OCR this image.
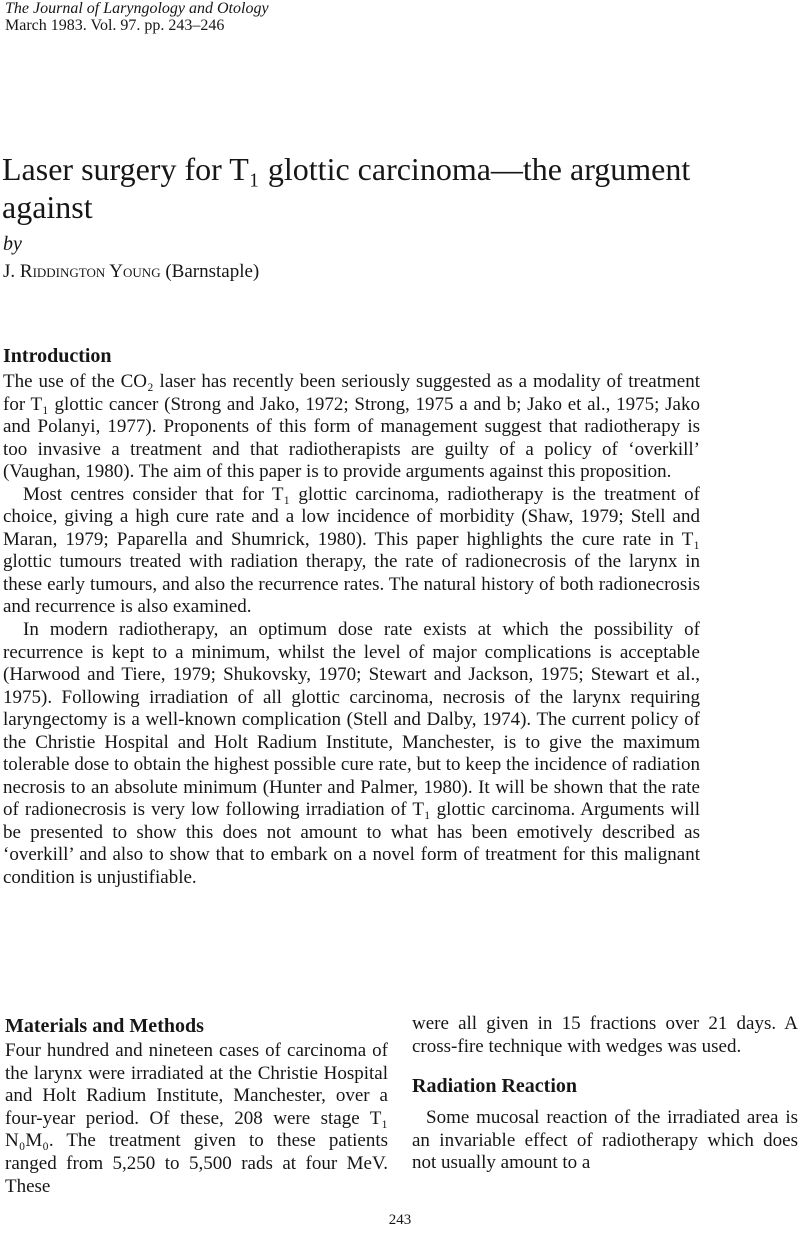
The Journal of Laryngology and Otology
March 1983. Vol. 97. pp. 243–246
Laser surgery for T₁ glottic carcinoma—the argument against
by
J. Riddington Young (Barnstaple)
Introduction

The use of the CO₂ laser has recently been seriously suggested as a modality of treatment for T₁ glottic cancer (Strong and Jako, 1972; Strong, 1975 a and b; Jako et al., 1975; Jako and Polanyi, 1977). Proponents of this form of management suggest that radiotherapy is too invasive a treatment and that radiotherapists are guilty of a policy of ‘overkill’ (Vaughan, 1980). The aim of this paper is to provide arguments against this proposition.

Most centres consider that for T₁ glottic carcinoma, radiotherapy is the treatment of choice, giving a high cure rate and a low incidence of morbidity (Shaw, 1979; Stell and Maran, 1979; Paparella and Shumrick, 1980). This paper highlights the cure rate in T₁ glottic tumours treated with radiation therapy, the rate of radionecrosis of the larynx in these early tumours, and also the recurrence rates. The natural history of both radionecrosis and recurrence is also examined.

In modern radiotherapy, an optimum dose rate exists at which the possibility of recurrence is kept to a minimum, whilst the level of major complications is acceptable (Harwood and Tiere, 1979; Shukovsky, 1970; Stewart and Jackson, 1975; Stewart et al., 1975). Following irradiation of all glottic carcinoma, necrosis of the larynx requiring laryngectomy is a well-known complication (Stell and Dalby, 1974). The current policy of the Christie Hospital and Holt Radium Institute, Manchester, is to give the maximum tolerable dose to obtain the highest possible cure rate, but to keep the incidence of radiation necrosis to an absolute minimum (Hunter and Palmer, 1980). It will be shown that the rate of radionecrosis is very low following irradiation of T₁ glottic carcinoma. Arguments will be presented to show this does not amount to what has been emotively described as ‘overkill’ and also to show that to embark on a novel form of treatment for this malignant condition is unjustifiable.

Materials and Methods
Four hundred and nineteen cases of carcinoma of the larynx were irradiated at the Christie Hospital and Holt Radium Institute, Manchester, over a four-year period. Of these, 208 were stage T₁ N₀M₀. The treatment given to these patients ranged from 5,250 to 5,500 rads at four MeV. These
were all given in 15 fractions over 21 days. A cross-fire technique with wedges was used.
Radiation Reaction
Some mucosal reaction of the irradiated area is an invariable effect of radiotherapy which does not usually amount to a
243
